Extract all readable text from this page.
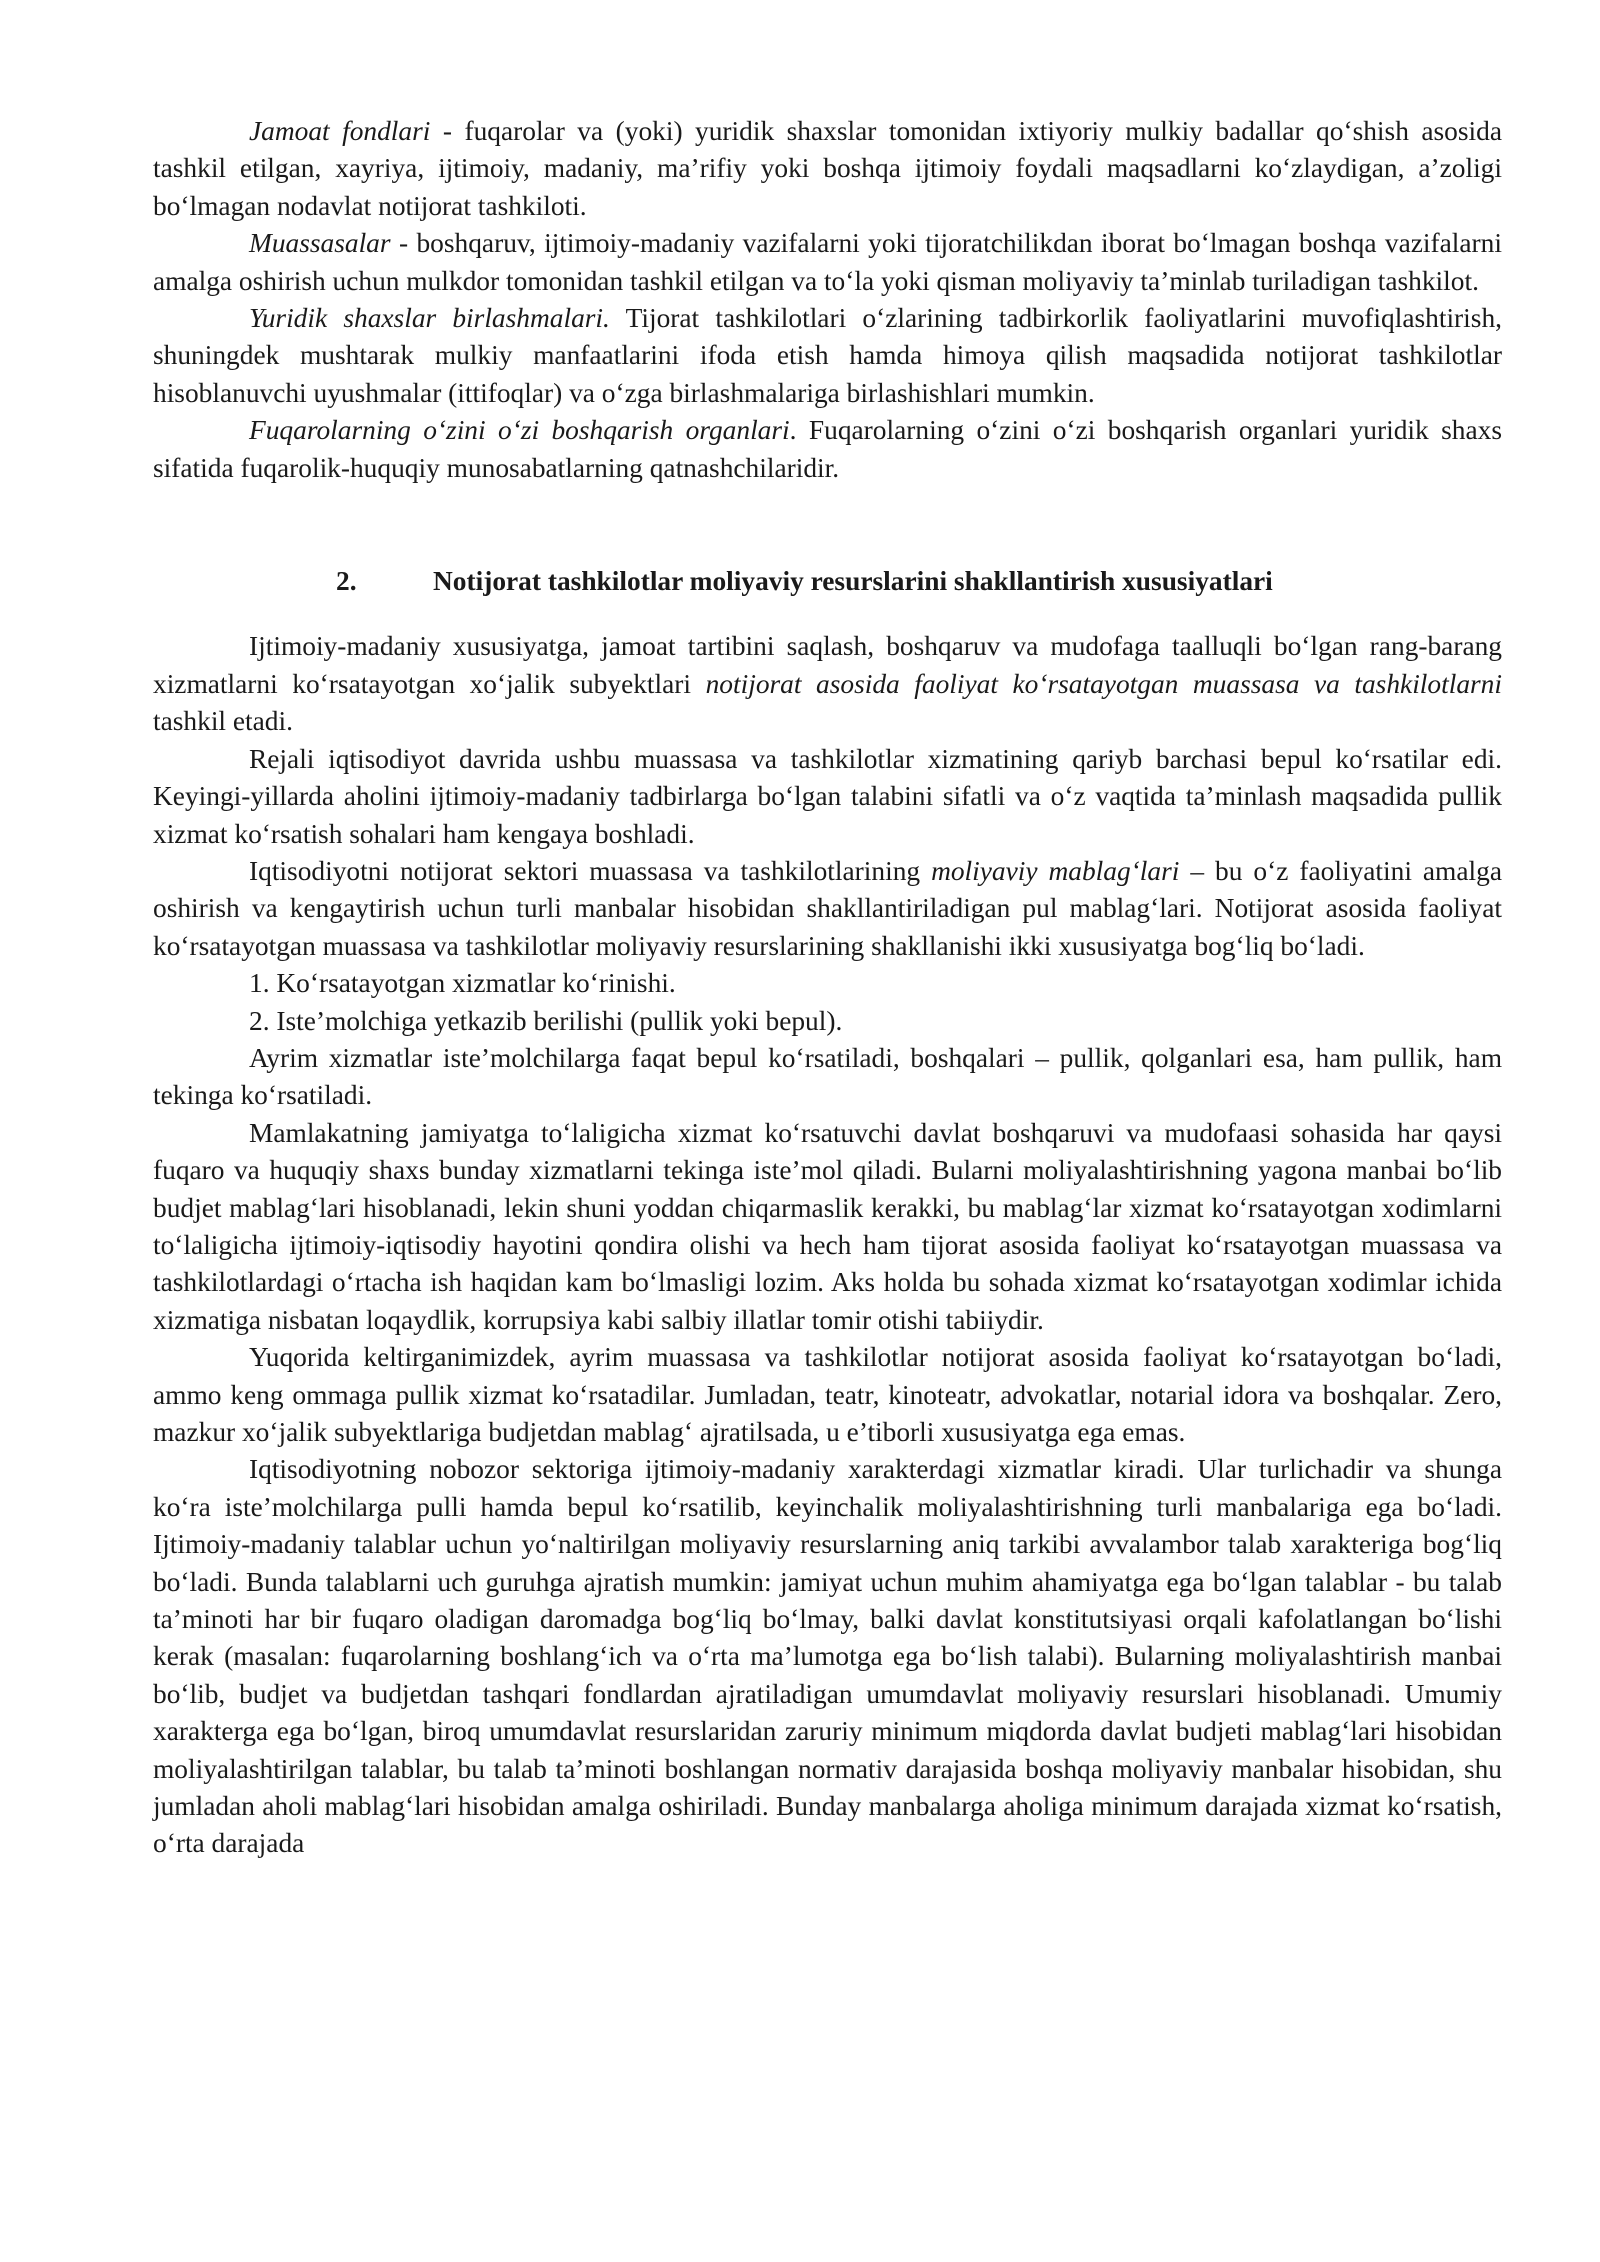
Jamoat fondlari - fuqarolar va (yoki) yuridik shaxslar tomonidan ixtiyoriy mulkiy badallar qo‘shish asosida tashkil etilgan, xayriya, ijtimoiy, madaniy, ma’rifiy yoki boshqa ijtimoiy foydali maqsadlarni ko‘zlaydigan, a’zoligi bo‘lmagan nodavlat notijorat tashkiloti.

Muassasalar - boshqaruv, ijtimoiy-madaniy vazifalarni yoki tijoratchilikdan iborat bo‘lmagan boshqa vazifalarni amalga oshirish uchun mulkdor tomonidan tashkil etilgan va to‘la yoki qisman moliyaviy ta’minlab turiladigan tashkilot.

Yuridik shaxslar birlashmalari. Tijorat tashkilotlari o‘zlarining tadbirkorlik faoliyatlarini muvofiqlashtirish, shuningdek mushtarak mulkiy manfaatlarini ifoda etish hamda himoya qilish maqsadida notijorat tashkilotlar hisoblanuvchi uyushmalar (ittifoqlar) va o‘zga birlashmalariga birlashishlari mumkin.

Fuqarolarning o‘zini o‘zi boshqarish organlari. Fuqarolarning o‘zini o‘zi boshqarish organlari yuridik shaxs sifatida fuqarolik-huquqiy munosabatlarning qatnashchilaridir.

2.	Notijorat tashkilotlar moliyaviy resurslarini shakllantirish xususiyatlari

Ijtimoiy-madaniy xususiyatga, jamoat tartibini saqlash, boshqaruv va mudofaga taalluqli bo‘lgan rang-barang xizmatlarni ko‘rsatayotgan xo‘jalik subyektlari notijorat asosida faoliyat ko‘rsatayotgan muassasa va tashkilotlarni tashkil etadi.

Rejali iqtisodiyot davrida ushbu muassasa va tashkilotlar xizmatining qariyb barchasi bepul ko‘rsatilar edi. Keyingi-yillarda aholini ijtimoiy-madaniy tadbirlarga bo‘lgan talabini sifatli va o‘z vaqtida ta’minlash maqsadida pullik xizmat ko‘rsatish sohalari ham kengaya boshladi.

Iqtisodiyotni notijorat sektori muassasa va tashkilotlarining moliyaviy mablag‘lari – bu o‘z faoliyatini amalga oshirish va kengaytirish uchun turli manbalar hisobidan shakllantiriladigan pul mablag‘lari. Notijorat asosida faoliyat ko‘rsatayotgan muassasa va tashkilotlar moliyaviy resurslarining shakllanishi ikki xususiyatga bog‘liq bo‘ladi.

1. Ko‘rsatayotgan xizmatlar ko‘rinishi.

2. Iste’molchiga yetkazib berilishi (pullik yoki bepul).

Ayrim xizmatlar iste’molchilarga faqat bepul ko‘rsatiladi, boshqalari – pullik, qolganlari esa, ham pullik, ham tekinga ko‘rsatiladi.

Mamlakatning jamiyatga to‘laligicha xizmat ko‘rsatuvchi davlat boshqaruvi va mudofaasi sohasida har qaysi fuqaro va huquqiy shaxs bunday xizmatlarni tekinga iste’mol qiladi. Bularni moliyalashtirishning yagona manbai bo‘lib budjet mablag‘lari hisoblanadi, lekin shuni yoddan chiqarmaslik kerakki, bu mablag‘lar xizmat ko‘rsatayotgan xodimlarni to‘laligicha ijtimoiy-iqtisodiy hayotini qondira olishi va hech ham tijorat asosida faoliyat ko‘rsatayotgan muassasa va tashkilotlardagi o‘rtacha ish haqidan kam bo‘lmasligi lozim. Aks holda bu sohada xizmat ko‘rsatayotgan xodimlar ichida xizmatiga nisbatan loqaydlik, korrupsiya kabi salbiy illatlar tomir otishi tabiiydir.

Yuqorida keltirganimizdek, ayrim muassasa va tashkilotlar notijorat asosida faoliyat ko‘rsatayotgan bo‘ladi, ammo keng ommaga pullik xizmat ko‘rsatadilar. Jumladan, teatr, kinoteatr, advokatlar, notarial idora va boshqalar. Zero, mazkur xo‘jalik subyektlariga budjetdan mablag‘ ajratilsada, u e’tiborli xususiyatga ega emas.

Iqtisodiyotning nobozor sektoriga ijtimoiy-madaniy xarakterdagi xizmatlar kiradi. Ular turlichadir va shunga ko‘ra iste’molchilarga pulli hamda bepul ko‘rsatilib, keyinchalik moliyalashtirishning turli manbalariga ega bo‘ladi. Ijtimoiy-madaniy talablar uchun yo‘naltirilgan moliyaviy resurslarning aniq tarkibi avvalambor talab xarakteriga bog‘liq bo‘ladi. Bunda talablarni uch guruhga ajratish mumkin: jamiyat uchun muhim ahamiyatga ega bo‘lgan talablar - bu talab ta’minoti har bir fuqaro oladigan daromadga bog‘liq bo‘lmay, balki davlat konstitutsiyasi orqali kafolatlangan bo‘lishi kerak (masalan: fuqarolarning boshlang‘ich va o‘rta ma’lumotga ega bo‘lish talabi). Bularning moliyalashtirish manbai bo‘lib, budjet va budjetdan tashqari fondlardan ajratiladigan umumdavlat moliyaviy resurslari hisoblanadi. Umumiy xarakterga ega bo‘lgan, biroq umumdavlat resurslaridan zaruriy minimum miqdorda davlat budjeti mablag‘lari hisobidan moliyalashtirilgan talablar, bu talab ta’minoti boshlangan normativ darajasida boshqa moliyaviy manbalar hisobidan, shu jumladan aholi mablag‘lari hisobidan amalga oshiriladi. Bunday manbalarga aholiga minimum darajada xizmat ko‘rsatish, o‘rta darajada
